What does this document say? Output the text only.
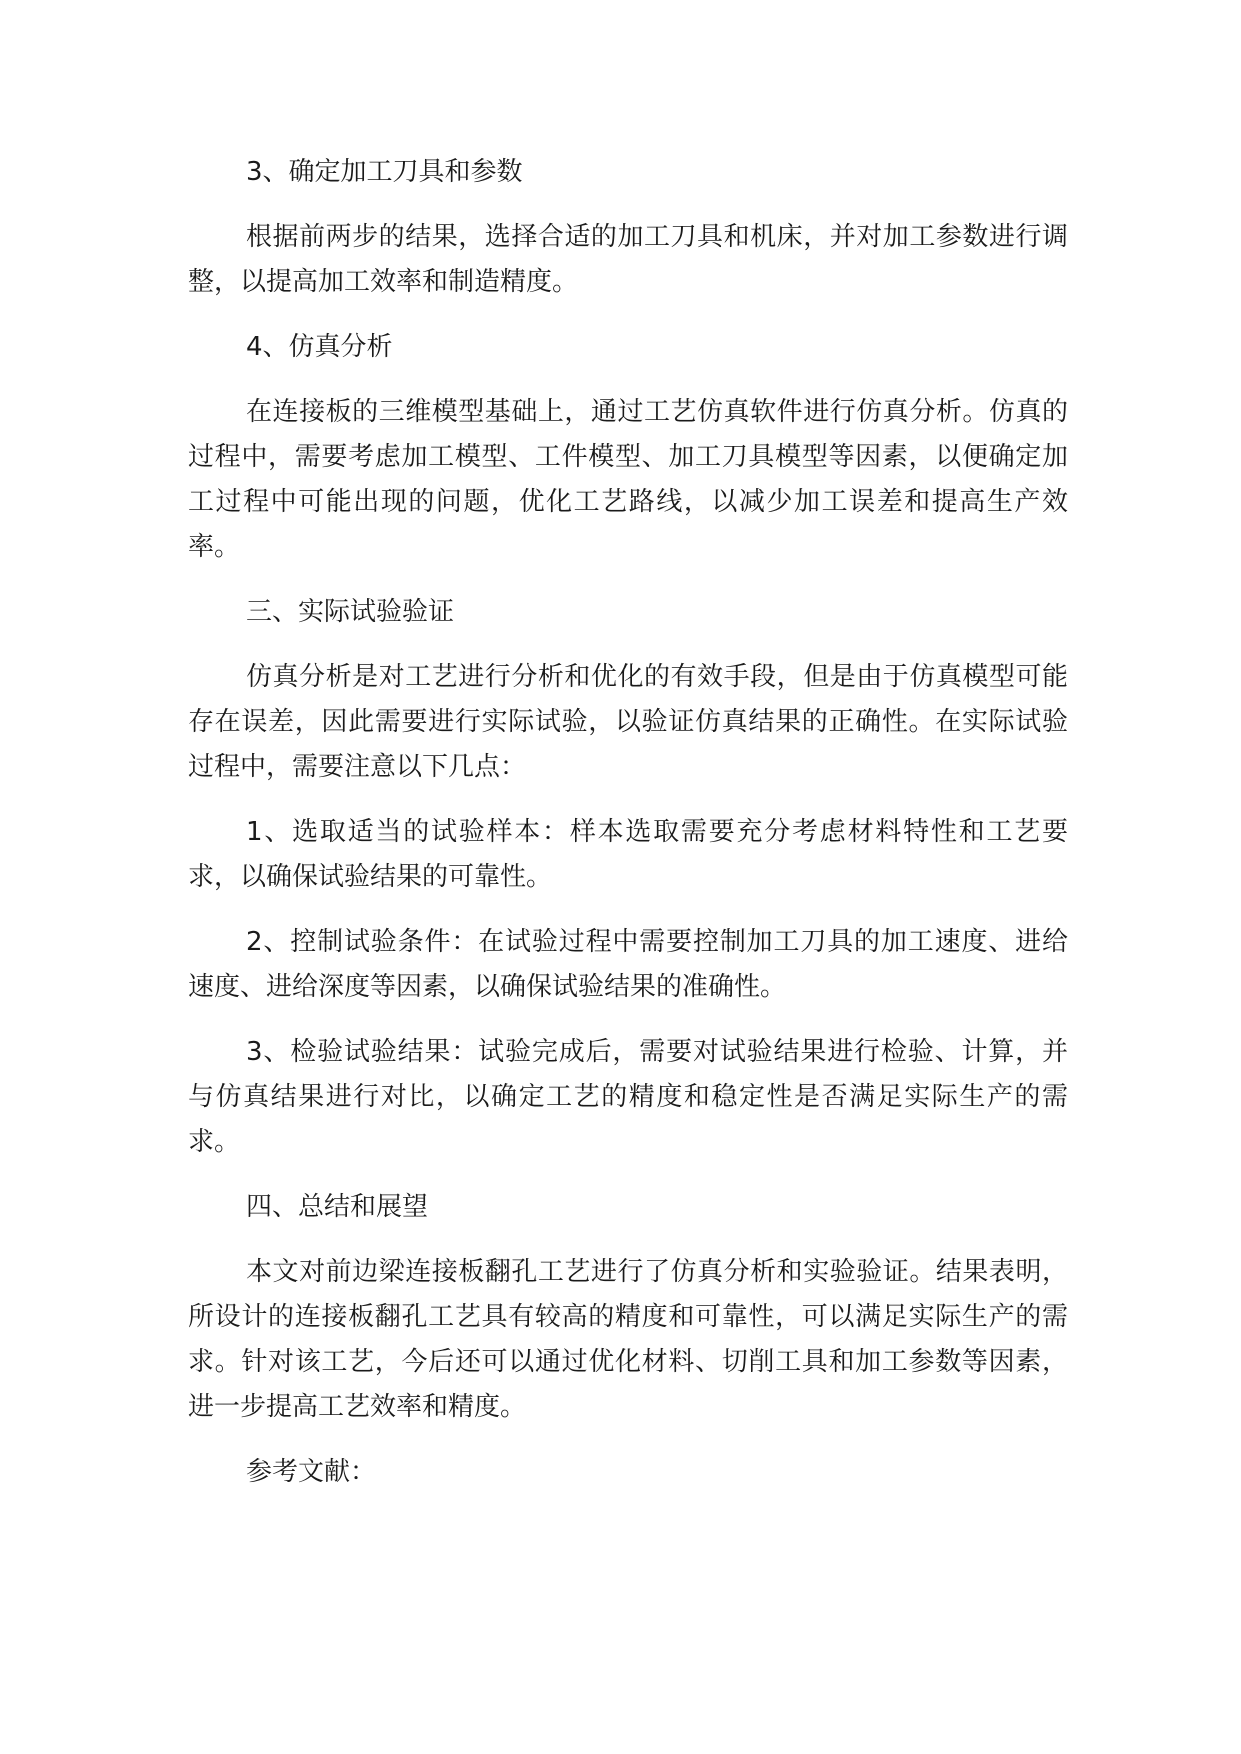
3、确定加工刀具和参数

根据前两步的结果，选择合适的加工刀具和机床，并对加工参数进行调整，以提高加工效率和制造精度。

4、仿真分析

在连接板的三维模型基础上，通过工艺仿真软件进行仿真分析。仿真的过程中，需要考虑加工模型、工件模型、加工刀具模型等因素，以便确定加工过程中可能出现的问题，优化工艺路线，以减少加工误差和提高生产效率。

三、实际试验验证

仿真分析是对工艺进行分析和优化的有效手段，但是由于仿真模型可能存在误差，因此需要进行实际试验，以验证仿真结果的正确性。在实际试验过程中，需要注意以下几点：

1、选取适当的试验样本：样本选取需要充分考虑材料特性和工艺要求，以确保试验结果的可靠性。

2、控制试验条件：在试验过程中需要控制加工刀具的加工速度、进给速度、进给深度等因素，以确保试验结果的准确性。

3、检验试验结果：试验完成后，需要对试验结果进行检验、计算，并与仿真结果进行对比，以确定工艺的精度和稳定性是否满足实际生产的需求。

四、总结和展望

本文对前边梁连接板翻孔工艺进行了仿真分析和实验验证。结果表明，所设计的连接板翻孔工艺具有较高的精度和可靠性，可以满足实际生产的需求。针对该工艺，今后还可以通过优化材料、切削工具和加工参数等因素，进一步提高工艺效率和精度。

参考文献：
